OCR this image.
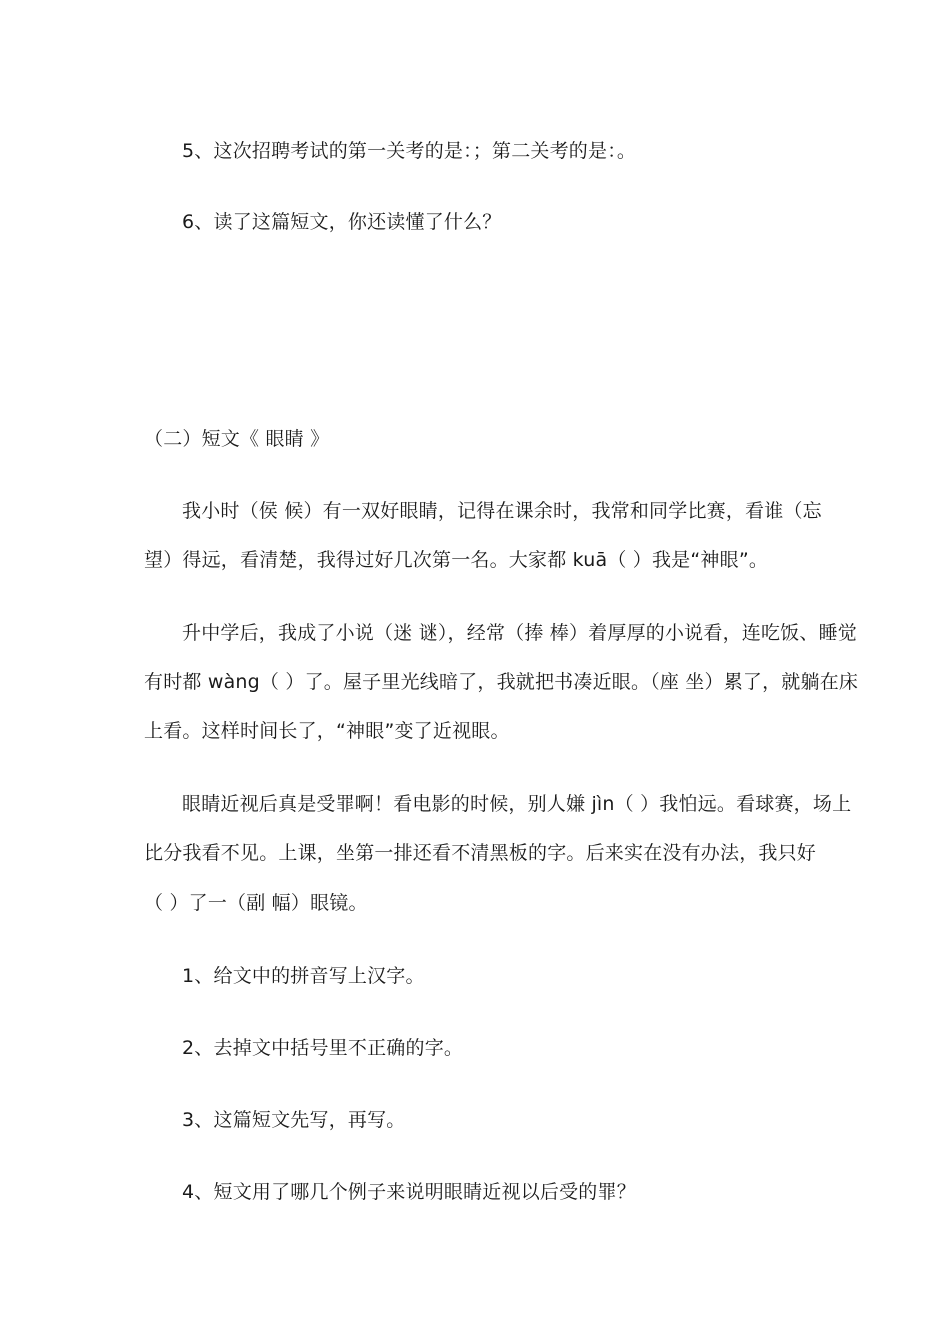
5、这次招聘考试的第一关考的是：；第二关考的是：。
6、读了这篇短文，你还读懂了什么？
（二）短文《 眼睛 》
我小时（侯 候）有一双好眼睛，记得在课余时，我常和同学比赛，看谁（忘
望）得远，看清楚，我得过好几次第一名。大家都 kuā（ ）我是“神眼”。
升中学后，我成了小说（迷 谜），经常（捧 棒）着厚厚的小说看，连吃饭、睡觉
有时都 wàng（ ）了。屋子里光线暗了，我就把书凑近眼。（座 坐）累了，就躺在床
上看。这样时间长了，“神眼”变了近视眼。
眼睛近视后真是受罪啊！看电影的时候，别人嫌 jìn（ ）我怕远。看球赛，场上
比分我看不见。上课，坐第一排还看不清黑板的字。后来实在没有办法，我只好
（ ）了一（副 幅）眼镜。
1、给文中的拼音写上汉字。
2、去掉文中括号里不正确的字。
3、这篇短文先写，再写。
4、短文用了哪几个例子来说明眼睛近视以后受的罪？
